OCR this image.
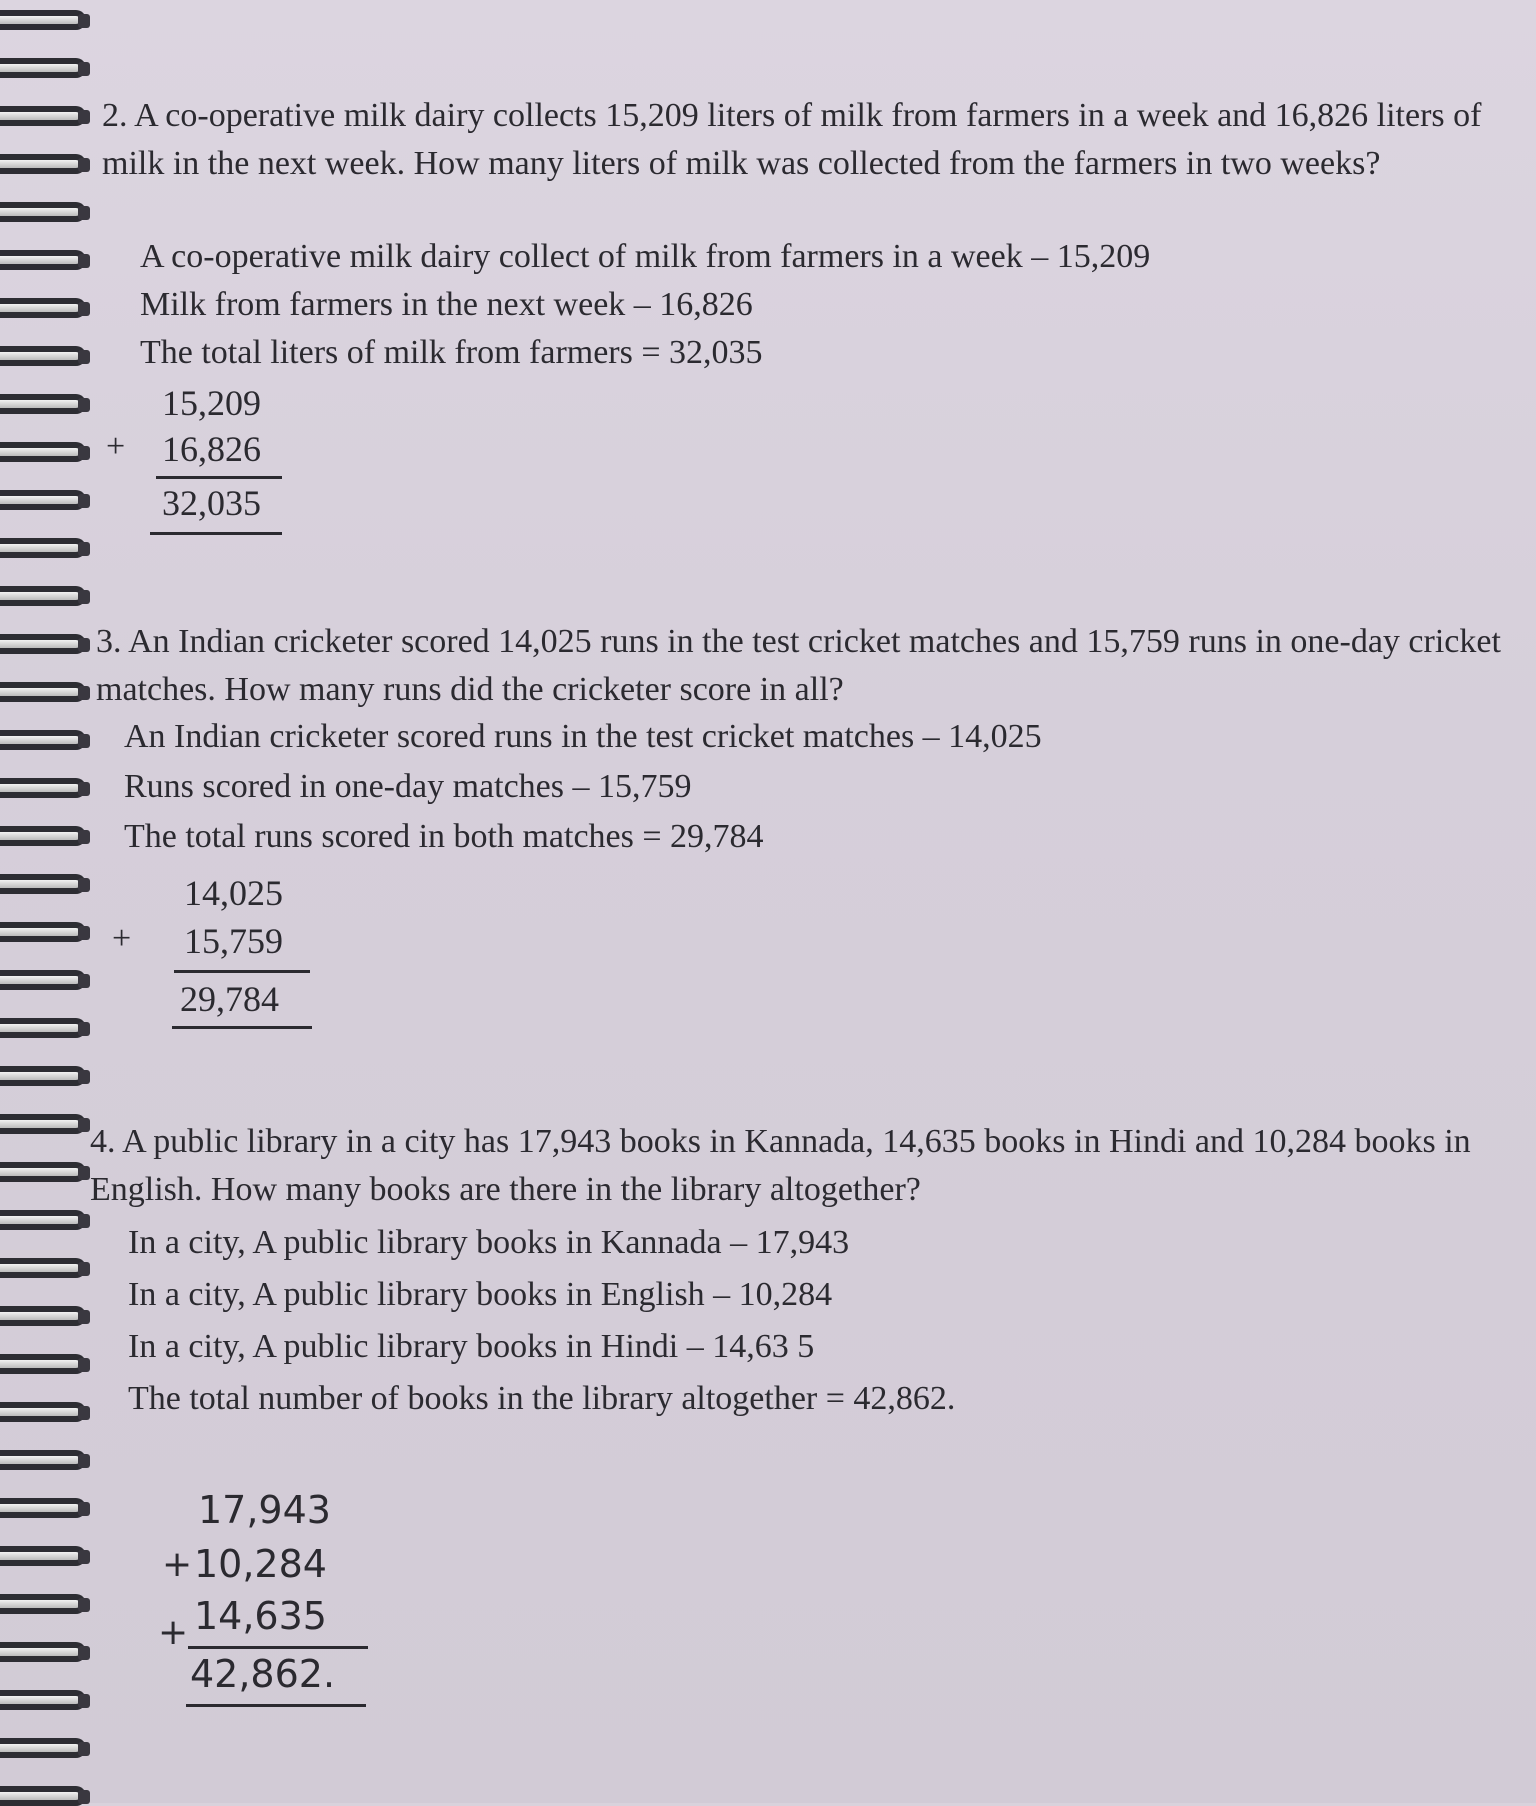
2. A co-operative milk dairy collects 15,209 liters of milk from farmers in a week and 16,826 liters of milk in the next week. How many liters of milk was collected from the farmers in two weeks?

A co-operative milk dairy collect of milk from farmers in a week – 15,209
Milk from farmers in the next week – 16,826
The total liters of milk from farmers = 32,035
15,209
+ 16,826
32,035

3. An Indian cricketer scored 14,025 runs in the test cricket matches and 15,759 runs in one-day cricket matches. How many runs did the cricketer score in all?

An Indian cricketer scored runs in the test cricket matches – 14,025
Runs scored in one-day matches – 15,759
The total runs scored in both matches = 29,784
14,025
+ 15,759
29,784

4. A public library in a city has 17,943 books in Kannada, 14,635 books in Hindi and 10,284 books in English. How many books are there in the library altogether?

In a city, A public library books in Kannada – 17,943
In a city, A public library books in English – 10,284
In a city, A public library books in Hindi – 14,63 5
The total number of books in the library altogether = 42,862.
17,943
+ 10,284
+ 14,635
42,862.
